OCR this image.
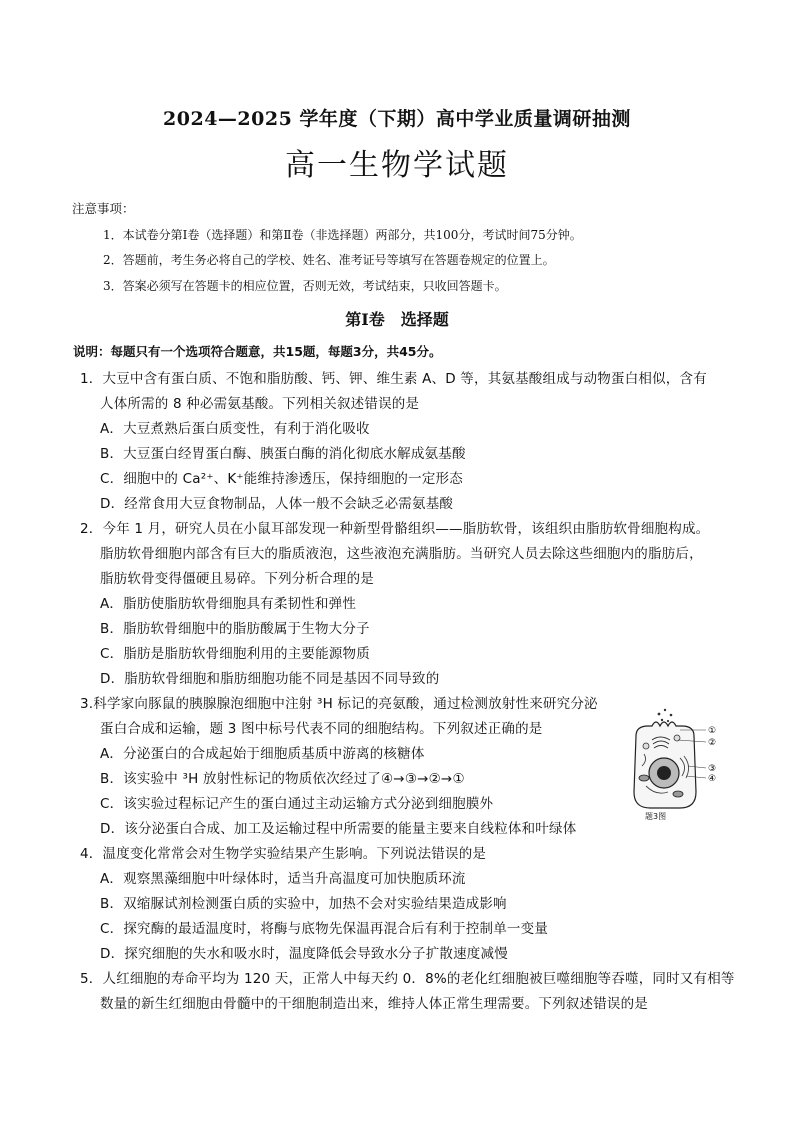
2024—2025 学年度（下期）高中学业质量调研抽测
高一生物学试题
注意事项：
1．本试卷分第Ⅰ卷（选择题）和第Ⅱ卷（非选择题）两部分，共100分，考试时间75分钟。
2．答题前，考生务必将自己的学校、姓名、准考证号等填写在答题卷规定的位置上。
3．答案必须写在答题卡的相应位置，否则无效，考试结束，只收回答题卡。
第Ⅰ卷　选择题
说明：每题只有一个选项符合题意，共15题，每题3分，共45分。
1．大豆中含有蛋白质、不饱和脂肪酸、钙、钾、维生素 A、D 等，其氨基酸组成与动物蛋白相似，含有
人体所需的 8 种必需氨基酸。下列相关叙述错误的是
A．大豆煮熟后蛋白质变性，有利于消化吸收
B．大豆蛋白经胃蛋白酶、胰蛋白酶的消化彻底水解成氨基酸
C．细胞中的 Ca²⁺、K⁺能维持渗透压，保持细胞的一定形态
D．经常食用大豆食物制品，人体一般不会缺乏必需氨基酸
2．今年 1 月，研究人员在小鼠耳部发现一种新型骨骼组织——脂肪软骨，该组织由脂肪软骨细胞构成。
脂肪软骨细胞内部含有巨大的脂质液泡，这些液泡充满脂肪。当研究人员去除这些细胞内的脂肪后，
脂肪软骨变得僵硬且易碎。下列分析合理的是
A．脂肪使脂肪软骨细胞具有柔韧性和弹性
B．脂肪软骨细胞中的脂肪酸属于生物大分子
C．脂肪是脂肪软骨细胞利用的主要能源物质
D．脂肪软骨细胞和脂肪细胞功能不同是基因不同导致的
3.科学家向豚鼠的胰腺腺泡细胞中注射 ³H 标记的亮氨酸，通过检测放射性来研究分泌
蛋白合成和运输，题 3 图中标号代表不同的细胞结构。下列叙述正确的是
A．分泌蛋白的合成起始于细胞质基质中游离的核糖体
B．该实验中 ³H 放射性标记的物质依次经过了④→③→②→①
C．该实验过程标记产生的蛋白通过主动运输方式分泌到细胞膜外
D．该分泌蛋白合成、加工及运输过程中所需要的能量主要来自线粒体和叶绿体
①
②
③
④
题3图
4．温度变化常常会对生物学实验结果产生影响。下列说法错误的是
A．观察黑藻细胞中叶绿体时，适当升高温度可加快胞质环流
B．双缩脲试剂检测蛋白质的实验中，加热不会对实验结果造成影响
C．探究酶的最适温度时，将酶与底物先保温再混合后有利于控制单一变量
D．探究细胞的失水和吸水时，温度降低会导致水分子扩散速度减慢
5．人红细胞的寿命平均为 120 天，正常人中每天约 0．8%的老化红细胞被巨噬细胞等吞噬，同时又有相等
数量的新生红细胞由骨髓中的干细胞制造出来，维持人体正常生理需要。下列叙述错误的是
